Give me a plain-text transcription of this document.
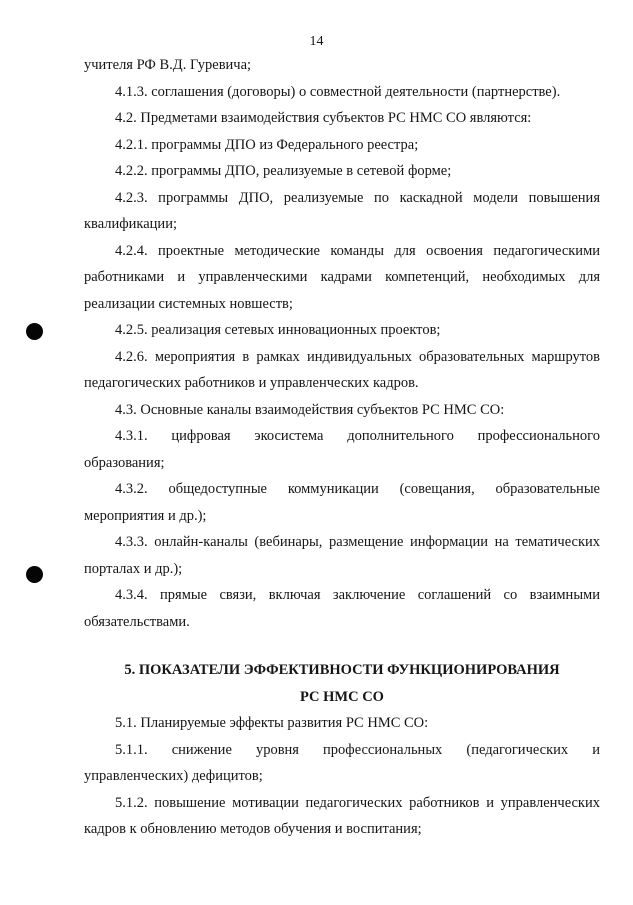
14

учителя РФ В.Д. Гуревича;

4.1.3. соглашения (договоры) о совместной деятельности (партнерстве).

4.2. Предметами взаимодействия субъектов РС НМС СО являются:

4.2.1. программы ДПО из Федерального реестра;

4.2.2. программы ДПО, реализуемые в сетевой форме;

4.2.3. программы ДПО, реализуемые по каскадной модели повышения квалификации;

4.2.4. проектные методические команды для освоения педагогическими работниками и управленческими кадрами компетенций, необходимых для реализации системных новшеств;

4.2.5. реализация сетевых инновационных проектов;

4.2.6. мероприятия в рамках индивидуальных образовательных маршрутов педагогических работников и управленческих кадров.

4.3. Основные каналы взаимодействия субъектов РС НМС СО:

4.3.1. цифровая экосистема дополнительного профессионального образования;

4.3.2. общедоступные коммуникации (совещания, образовательные мероприятия и др.);

4.3.3. онлайн-каналы (вебинары, размещение информации на тематических порталах и др.);

4.3.4. прямые связи, включая заключение соглашений со взаимными обязательствами.

5. ПОКАЗАТЕЛИ ЭФФЕКТИВНОСТИ ФУНКЦИОНИРОВАНИЯ
РС НМС СО

5.1. Планируемые эффекты развития РС НМС СО:

5.1.1. снижение уровня профессиональных (педагогических и управленческих) дефицитов;

5.1.2. повышение мотивации педагогических работников и управленческих кадров к обновлению методов обучения и воспитания;
